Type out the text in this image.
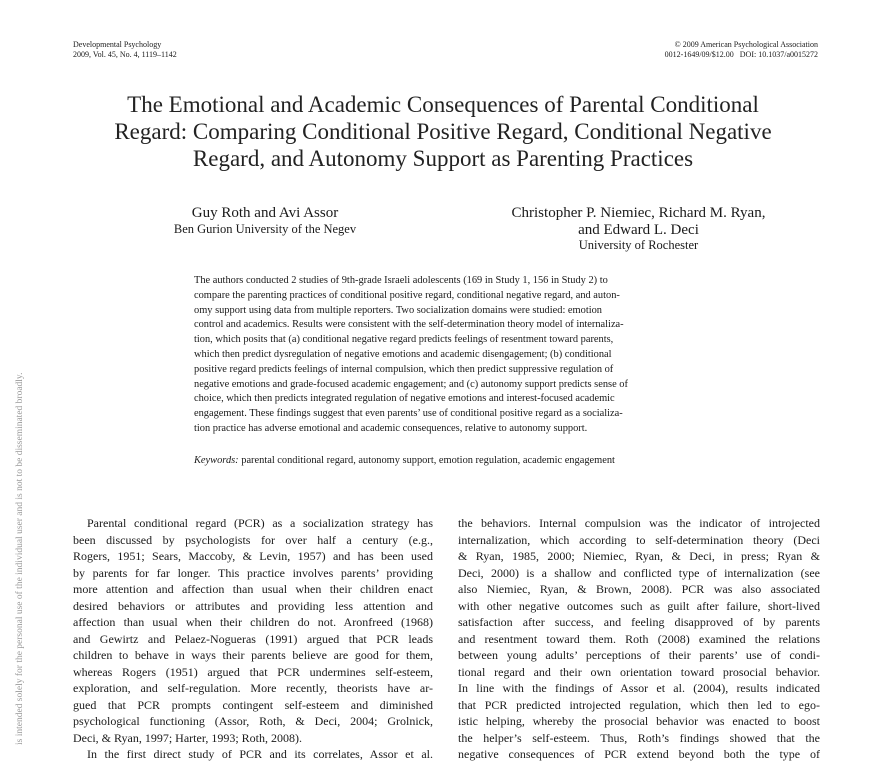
Developmental Psychology
2009, Vol. 45, No. 4, 1119–1142
© 2009 American Psychological Association
0012-1649/09/$12.00   DOI: 10.1037/a0015272
The Emotional and Academic Consequences of Parental Conditional
Regard: Comparing Conditional Positive Regard, Conditional Negative
Regard, and Autonomy Support as Parenting Practices
Guy Roth and Avi Assor
Ben Gurion University of the Negev
Christopher P. Niemiec, Richard M. Ryan,
and Edward L. Deci
University of Rochester
The authors conducted 2 studies of 9th-grade Israeli adolescents (169 in Study 1, 156 in Study 2) to
compare the parenting practices of conditional positive regard, conditional negative regard, and auton-
omy support using data from multiple reporters. Two socialization domains were studied: emotion
control and academics. Results were consistent with the self-determination theory model of internaliza-
tion, which posits that (a) conditional negative regard predicts feelings of resentment toward parents,
which then predict dysregulation of negative emotions and academic disengagement; (b) conditional
positive regard predicts feelings of internal compulsion, which then predict suppressive regulation of
negative emotions and grade-focused academic engagement; and (c) autonomy support predicts sense of
choice, which then predicts integrated regulation of negative emotions and interest-focused academic
engagement. These findings suggest that even parents’ use of conditional positive regard as a socializa-
tion practice has adverse emotional and academic consequences, relative to autonomy support.
Keywords: parental conditional regard, autonomy support, emotion regulation, academic engagement
Parental conditional regard (PCR) as a socialization strategy has
been discussed by psychologists for over half a century (e.g.,
Rogers, 1951; Sears, Maccoby, & Levin, 1957) and has been used
by parents for far longer. This practice involves parents’ providing
more attention and affection than usual when their children enact
desired behaviors or attributes and providing less attention and
affection than usual when their children do not. Aronfreed (1968)
and Gewirtz and Pelaez-Nogueras (1991) argued that PCR leads
children to behave in ways their parents believe are good for them,
whereas Rogers (1951) argued that PCR undermines self-esteem,
exploration, and self-regulation. More recently, theorists have ar-
gued that PCR prompts contingent self-esteem and diminished
psychological functioning (Assor, Roth, & Deci, 2004; Grolnick,
Deci, & Ryan, 1997; Harter, 1993; Roth, 2008).
In the first direct study of PCR and its correlates, Assor et al.
the behaviors. Internal compulsion was the indicator of introjected
internalization, which according to self-determination theory (Deci
& Ryan, 1985, 2000; Niemiec, Ryan, & Deci, in press; Ryan &
Deci, 2000) is a shallow and conflicted type of internalization (see
also Niemiec, Ryan, & Brown, 2008). PCR was also associated
with other negative outcomes such as guilt after failure, short-lived
satisfaction after success, and feeling disapproved of by parents
and resentment toward them. Roth (2008) examined the relations
between young adults’ perceptions of their parents’ use of condi-
tional regard and their own orientation toward prosocial behavior.
In line with the findings of Assor et al. (2004), results indicated
that PCR predicted introjected regulation, which then led to ego-
istic helping, whereby the prosocial behavior was enacted to boost
the helper’s self-esteem. Thus, Roth’s findings showed that the
negative consequences of PCR extend beyond both the type of
is intended solely for the personal use of the individual user and is not to be disseminated broadly.
